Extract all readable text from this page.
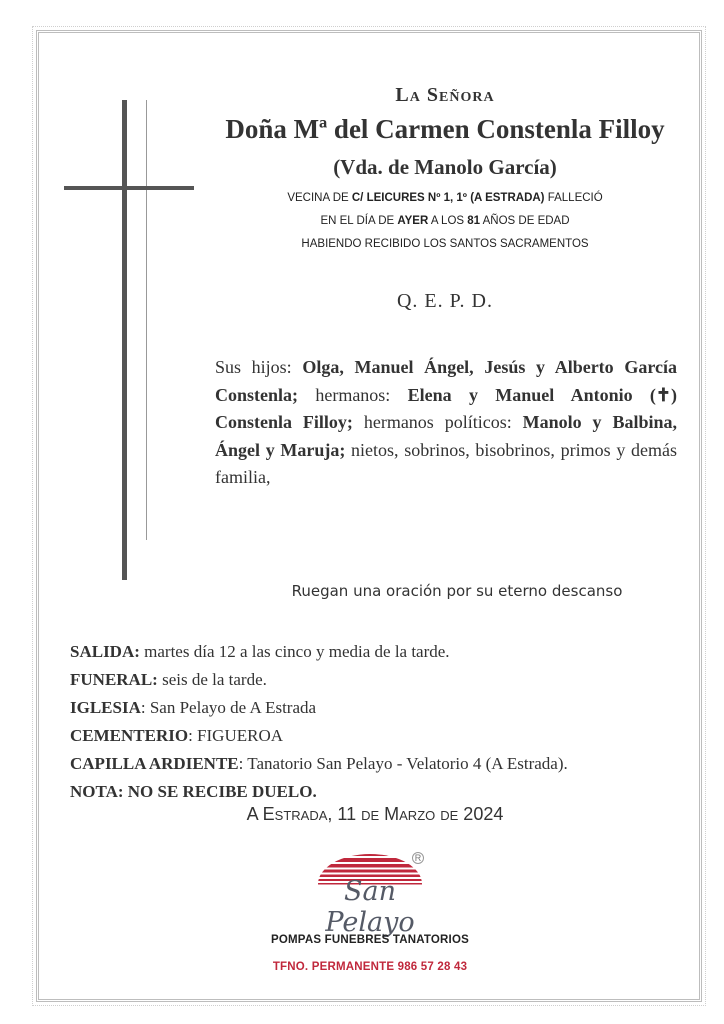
La Señora
Doña Mª del Carmen Constenla Filloy
(Vda. de Manolo García)
VECINA DE C/ LEICURES Nº 1, 1º (A ESTRADA) FALLECIÓ
EN EL DÍA DE AYER A LOS 81 AÑOS DE EDAD
HABIENDO RECIBIDO LOS SANTOS SACRAMENTOS
Q. E. P. D.
Sus hijos: Olga, Manuel Ángel, Jesús y Alberto García Constenla; hermanos: Elena y Manuel Antonio (✝) Constenla Filloy; hermanos políticos: Manolo y Balbina, Ángel y Maruja; nietos, sobrinos, bisobrinos, primos y demás familia,
Ruegan una oración por su eterno descanso
SALIDA: martes día 12 a las cinco y media de la tarde.
FUNERAL: seis de la tarde.
IGLESIA: San Pelayo de A Estrada
CEMENTERIO: FIGUEROA
CAPILLA ARDIENTE: Tanatorio San Pelayo - Velatorio 4 (A Estrada).
NOTA: NO SE RECIBE DUELO.
A Estrada, 11 de Marzo de 2024
San Pelayo
R
POMPAS FUNEBRES TANATORIOS
TFNO. PERMANENTE 986 57 28 43
